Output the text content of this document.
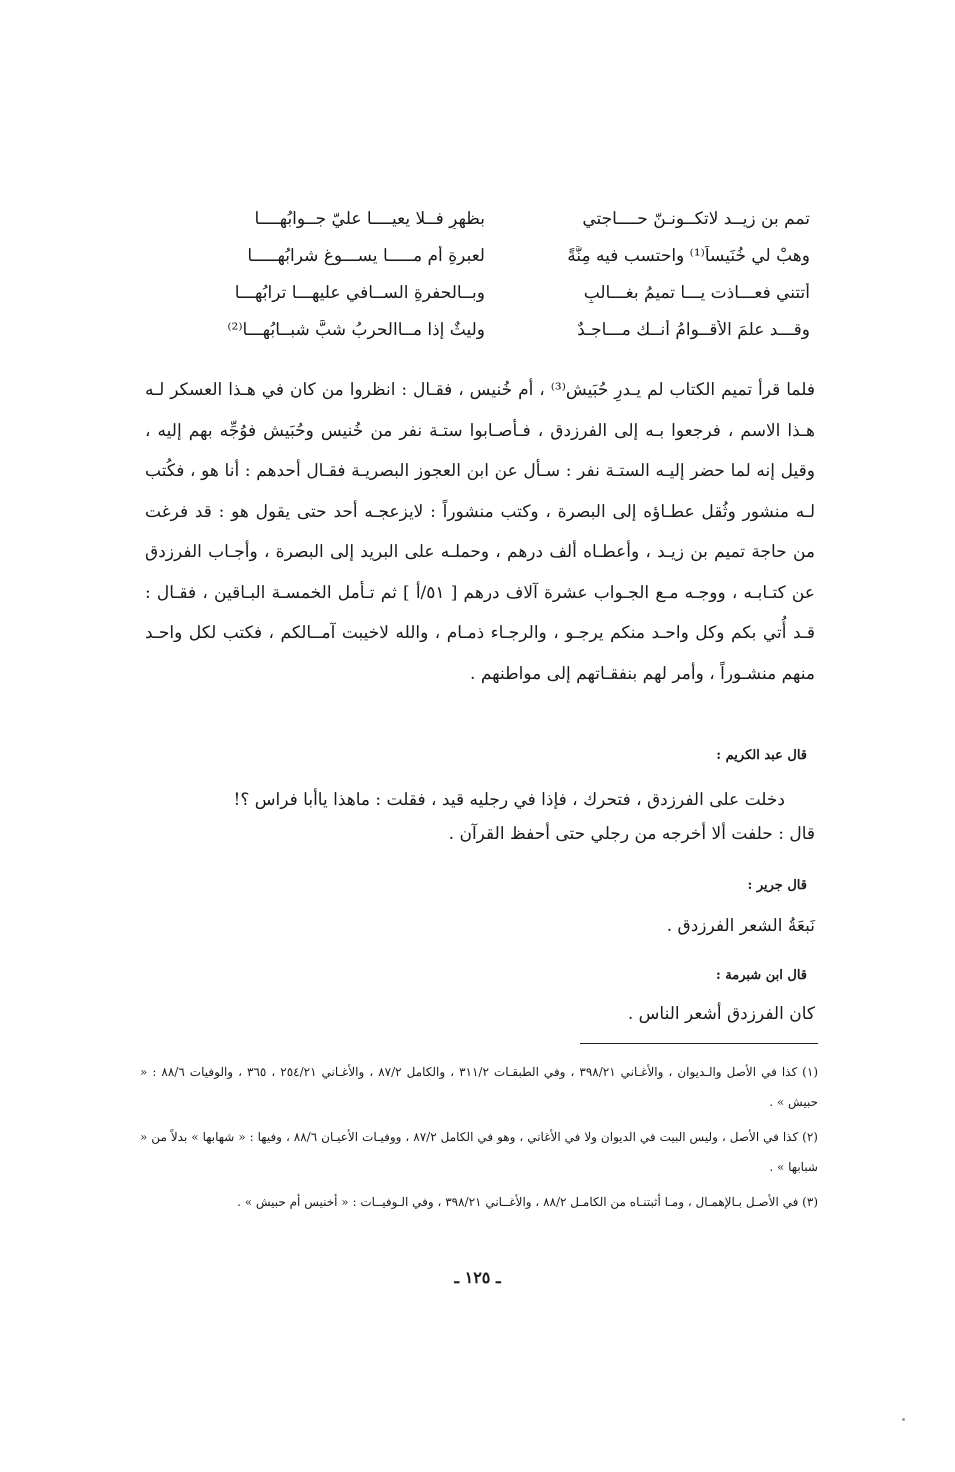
تمم بن زيــد لاتكــونـنّ حــــاجتي
بظهرٍ فــلا يعيــــا عليّ جــوابُهــــا
وهبْ لي خُنَيساً⁽¹⁾ واحتسب فيه مِنَّةً
لعبرةِ أم مـــــا يســـوغ شرابُهـــــا
أتتني فعـــاذت يـــا تميمُ بغـــالبٍ
وبــالحفرةِ الســافي عليهـــا ترابُهـــا
وقـــد علمَ الأقــوامُ أنــك مـــاجـدٌ
وليثٌ إذا مــاالحربُ شبَّ شبــابُهـــا⁽²⁾
فلما قرأ تميم الكتاب لم يـدرِ حُبَيش⁽³⁾ ، أم خُنيس ، فقـال : انظروا من كان في هـذا العسكر لـه هـذا الاسم ، فرجعوا بـه إلى الفرزدق ، فـأصـابوا ستـة نفر من خُنيس وحُبَيش فوُجِّه بهم إليه ، وقيل إنه لما حضر إليـه الستـة نفر : سـأل عن ابن العجوز البصريـة فقـال أحدهم : أنا هو ، فكُتب لـه منشور وثُقل عطـاؤه إلى البصرة ، وكتب منشوراً : لايزعجـه أحد حتى يقول هو : قد فرغت من حاجة تميم بن زيـد ، وأعطـاه ألف درهم ، وحملـه على البريد إلى البصرة ، وأجـاب الفرزدق عن كتـابـه ، ووجـه مـع الجـواب عشرة آلاف درهم [ ٥١/أ ] ثم تـأمل الخمسـة البـاقين ، فقـال : قـد أُتي بكم وكل واحـد منكم يرجـو ، والرجـاء ذمـام ، والله لاخيبت آمــالكم ، فكتب لكل واحـد منهم منشـوراً ، وأمر لهم بنفقـاتهم إلى مواطنهم .
قال عبد الكريم :
دخلت على الفرزدق ، فتحرك ، فإذا في رجليه قيد ، فقلت : ماهذا ياأبا فراس ؟!
قال : حلفت ألا أخرجه من رجلي حتى أحفظ القرآن .
قال جرير :
نَبعَةُ الشعر الفرزدق .
قال ابن شبرمة :
كان الفرزدق أشعر الناس .

(١) كذا في الأصل والـديوان ، والأغـاني ٣٩٨/٢١ ، وفي الطبقـات ٣١١/٢ ، والكامل ٨٧/٢ ، والأغـاني ٢٥٤/٢١ ، ٣٦٥ ، والوفيات ٨٨/٦ : « حبيش » .

(٢) كذا في الأصل ، وليس البيت في الديوان ولا في الأغاني ، وهو في الكامل ٨٧/٢ ، ووفيـات الأعيـان ٨٨/٦ ، وفيها : « شهابها » بدلاً من « شبابها » .

(٣) في الأصـل بـالإهمـال ، ومـا أثبتنـاه من الكامـل ٨٨/٢ ، والأغــاني ٣٩٨/٢١ ، وفي الـوفيــات : « أخنيس أم حبيش » .

ـ ١٢٥ ـ
